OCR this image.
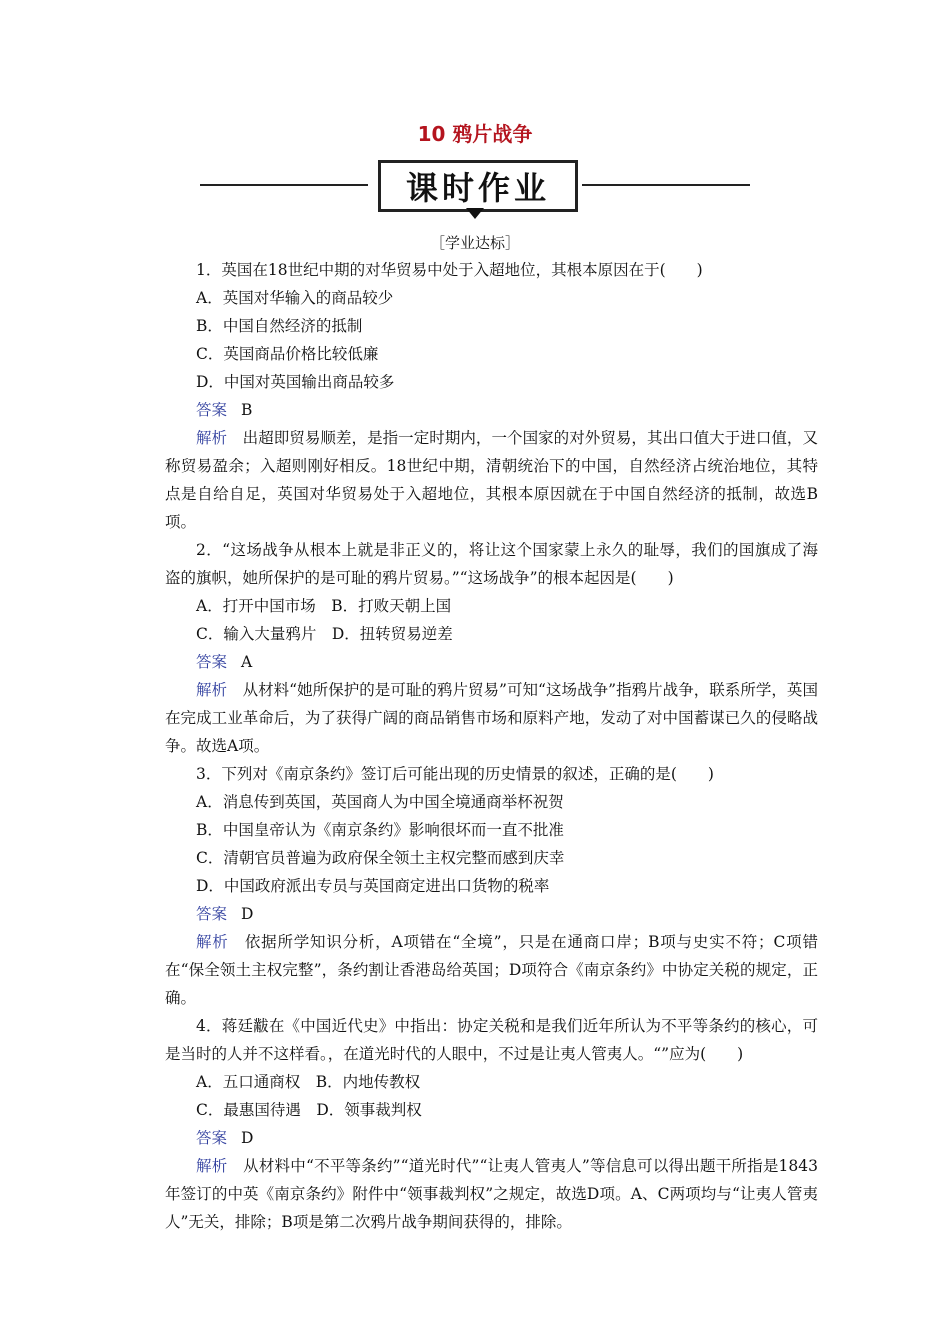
10 鸦片战争
课时作业
［学业达标］
1．英国在18世纪中期的对华贸易中处于入超地位，其根本原因在于(　　)
A．英国对华输入的商品较少
B．中国自然经济的抵制
C．英国商品价格比较低廉
D．中国对英国输出商品较多
答案 B

解析　 出超即贸易顺差，是指一定时期内，一个国家的对外贸易，其出口值大于进口值，又称贸易盈余；入超则刚好相反。18世纪中期，清朝统治下的中国，自然经济占统治地位，其特点是自给自足，英国对华贸易处于入超地位，其根本原因就在于中国自然经济的抵制，故选B项。

2．“这场战争从根本上就是非正义的，将让这个国家蒙上永久的耻辱，我们的国旗成了海盗的旗帜，她所保护的是可耻的鸦片贸易。”“这场战争”的根本起因是(　　)

A．打开中国市场　B．打败天朝上国
C．输入大量鸦片　D．扭转贸易逆差
答案 A

解析　 从材料“她所保护的是可耻的鸦片贸易”可知“这场战争”指鸦片战争，联系所学，英国在完成工业革命后，为了获得广阔的商品销售市场和原料产地，发动了对中国蓄谋已久的侵略战争。故选A项。

3．下列对《南京条约》签订后可能出现的历史情景的叙述，正确的是(　　)
A．消息传到英国，英国商人为中国全境通商举杯祝贺
B．中国皇帝认为《南京条约》影响很坏而一直不批准
C．清朝官员普遍为政府保全领土主权完整而感到庆幸
D．中国政府派出专员与英国商定进出口货物的税率
答案 D

解析　 依据所学知识分析，A项错在“全境”，只是在通商口岸；B项与史实不符；C项错在“保全领土主权完整”，条约割让香港岛给英国；D项符合《南京条约》中协定关税的规定，正确。

4．蒋廷黻在《中国近代史》中指出：协定关税和是我们近年所认为不平等条约的核心，可是当时的人并不这样看。，在道光时代的人眼中，不过是让夷人管夷人。“”应为(　　)

A．五口通商权　B．内地传教权
C．最惠国待遇　D．领事裁判权
答案 D

解析　 从材料中“不平等条约”“道光时代”“让夷人管夷人”等信息可以得出题干所指是1843年签订的中英《南京条约》附件中“领事裁判权”之规定，故选D项。A、C两项均与“让夷人管夷人”无关，排除；B项是第二次鸦片战争期间获得的，排除。
